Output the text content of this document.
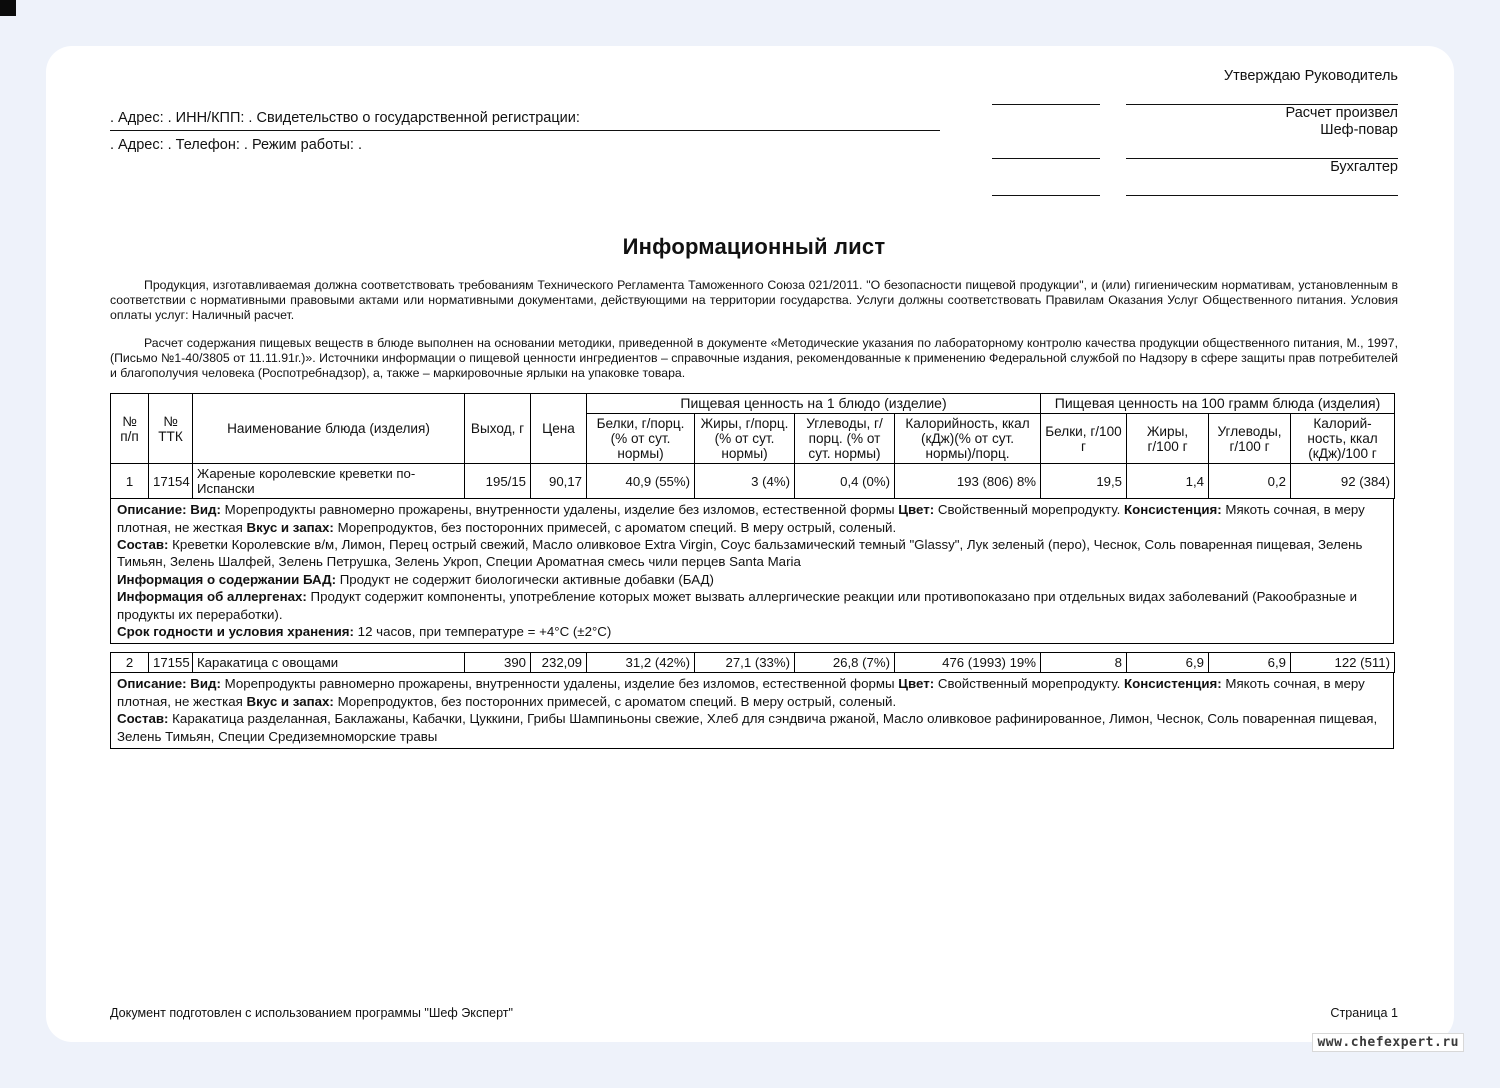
Утверждаю Руководитель
Расчет произвел
Шеф-повар
Бухгалтер
. Адрес: . ИНН/КПП: . Свидетельство о государственной регистрации:
. Адрес: . Телефон: . Режим работы: .
Информационный лист

Продукция, изготавливаемая должна соответствовать требованиям Технического Регламента Таможенного Союза 021/2011. "О безопасности пищевой продукции", и (или) гигиеническим нормативам, установленным в соответствии с нормативными правовыми актами или нормативными документами, действующими на территории государства. Услуги должны соответствовать Правилам Оказания Услуг Общественного питания. Условия оплаты услуг: Наличный расчет.

Расчет содержания пищевых веществ в блюде выполнен на основании методики, приведенной в документе «Методические указания по лабораторному контролю качества продукции общественного питания, М., 1997, (Письмо №1-40/3805 от 11.11.91г.)». Источники информации о пищевой ценности ингредиентов – справочные издания, рекомендованные к применению Федеральной службой по Надзору в сфере защиты прав потребителей и благополучия человека (Роспотребнадзор), а, также – маркировочные ярлыки на упаковке товара.

№ п/п	№ ТТК	Наименование блюда (изделия)	Выход, г	Цена	Пищевая ценность на 1 блюдо (изделие)				Пищевая ценность на 100 грамм блюда (изделия)			
					Белки, г/порц. (% от сут. нормы)	Жиры, г/порц. (% от сут. нормы)	Углеводы, г/порц. (% от сут. нормы)	Калорийность, ккал (кДж)(% от сут. нормы)/порц.	Белки, г/100 г	Жиры, г/100 г	Углеводы, г/100 г	Калорий-ность, ккал (кДж)/100 г
1	17154	Жареные королевские креветки по-Испански	195/15	90,17	40,9 (55%)	3 (4%)	0,4 (0%)	193 (806) 8%	19,5	1,4	0,2	92 (384)
Описание: Вид: Морепродукты равномерно прожарены, внутренности удалены, изделие без изломов, естественной формы Цвет: Свойственный морепродукту. Консистенция: Мякоть сочная, в меру плотная, не жесткая Вкус и запах: Морепродуктов, без посторонних примесей, с ароматом специй. В меру острый, соленый.
Состав: Креветки Королевские в/м, Лимон, Перец острый свежий, Масло оливковое Extra Virgin, Соус бальзамический темный "Glassy", Лук зеленый (перо), Чеснок, Соль поваренная пищевая, Зелень Тимьян, Зелень Шалфей, Зелень Петрушка, Зелень Укроп, Специи Ароматная смесь чили перцев Santa Maria
Информация о содержании БАД: Продукт не содержит биологически активные добавки (БАД)
Информация об аллергенах: Продукт содержит компоненты, употребление которых может вызвать аллергические реакции или противопоказано при отдельных видах заболеваний (Ракообразные и продукты их переработки).
Срок годности и условия хранения: 12 часов, при температуре = +4°C (±2°C)
2	17155	Каракатица с овощами	390	232,09	31,2 (42%)	27,1 (33%)	26,8 (7%)	476 (1993) 19%	8	6,9	6,9	122 (511)
Описание: Вид: Морепродукты равномерно прожарены, внутренности удалены, изделие без изломов, естественной формы Цвет: Свойственный морепродукту. Консистенция: Мякоть сочная, в меру плотная, не жесткая Вкус и запах: Морепродуктов, без посторонних примесей, с ароматом специй. В меру острый, соленый.
Состав: Каракатица разделанная, Баклажаны, Кабачки, Цуккини, Грибы Шампиньоны свежие, Хлеб для сэндвича ржаной, Масло оливковое рафинированное, Лимон, Чеснок, Соль поваренная пищевая, Зелень Тимьян, Специи Средиземноморские травы
Документ подготовлен с использованием программы "Шеф Эксперт"	Страница 1
www.chefexpert.ru
